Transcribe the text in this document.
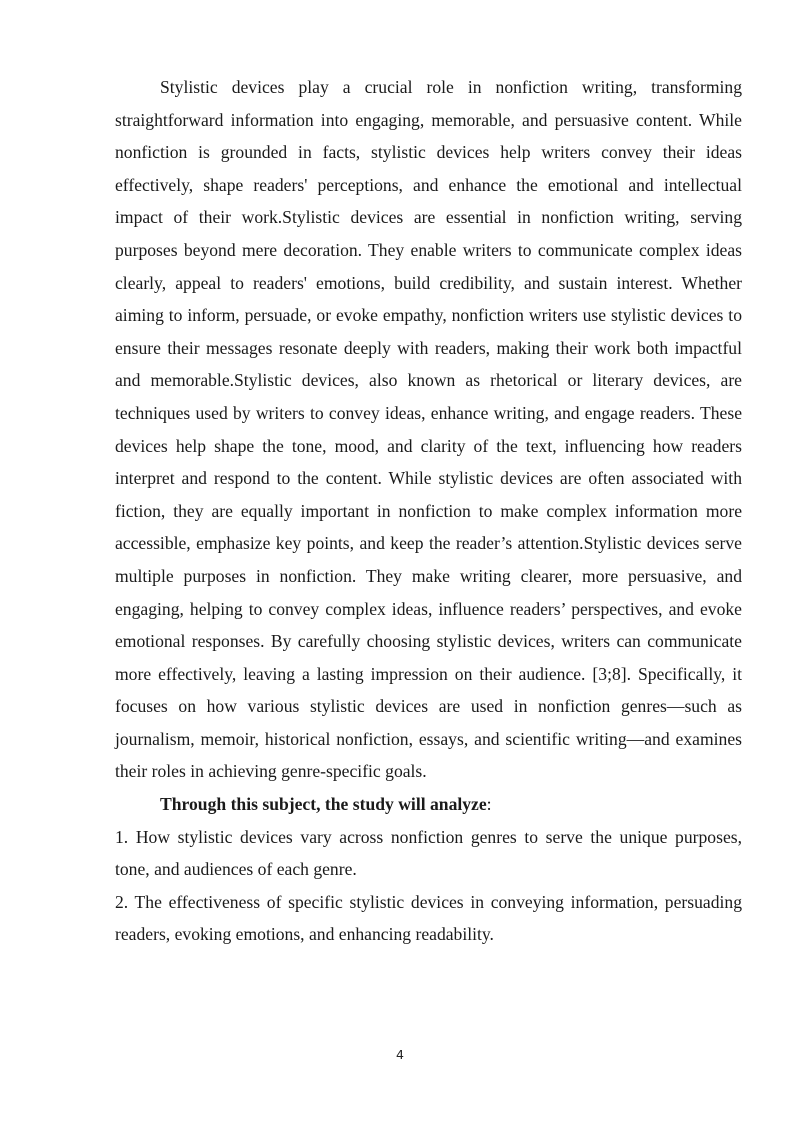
Stylistic devices play a crucial role in nonfiction writing, transforming straightforward information into engaging, memorable, and persuasive content. While nonfiction is grounded in facts, stylistic devices help writers convey their ideas effectively, shape readers' perceptions, and enhance the emotional and intellectual impact of their work.Stylistic devices are essential in nonfiction writing, serving purposes beyond mere decoration. They enable writers to communicate complex ideas clearly, appeal to readers' emotions, build credibility, and sustain interest. Whether aiming to inform, persuade, or evoke empathy, nonfiction writers use stylistic devices to ensure their messages resonate deeply with readers, making their work both impactful and memorable.Stylistic devices, also known as rhetorical or literary devices, are techniques used by writers to convey ideas, enhance writing, and engage readers. These devices help shape the tone, mood, and clarity of the text, influencing how readers interpret and respond to the content. While stylistic devices are often associated with fiction, they are equally important in nonfiction to make complex information more accessible, emphasize key points, and keep the reader’s attention.Stylistic devices serve multiple purposes in nonfiction. They make writing clearer, more persuasive, and engaging, helping to convey complex ideas, influence readers’ perspectives, and evoke emotional responses. By carefully choosing stylistic devices, writers can communicate more effectively, leaving a lasting impression on their audience. [3;8]. Specifically, it focuses on how various stylistic devices are used in nonfiction genres—such as journalism, memoir, historical nonfiction, essays, and scientific writing—and examines their roles in achieving genre-specific goals.

Through this subject, the study will analyze:

1. How stylistic devices vary across nonfiction genres to serve the unique purposes, tone, and audiences of each genre.

2. The effectiveness of specific stylistic devices in conveying information, persuading readers, evoking emotions, and enhancing readability.

4
